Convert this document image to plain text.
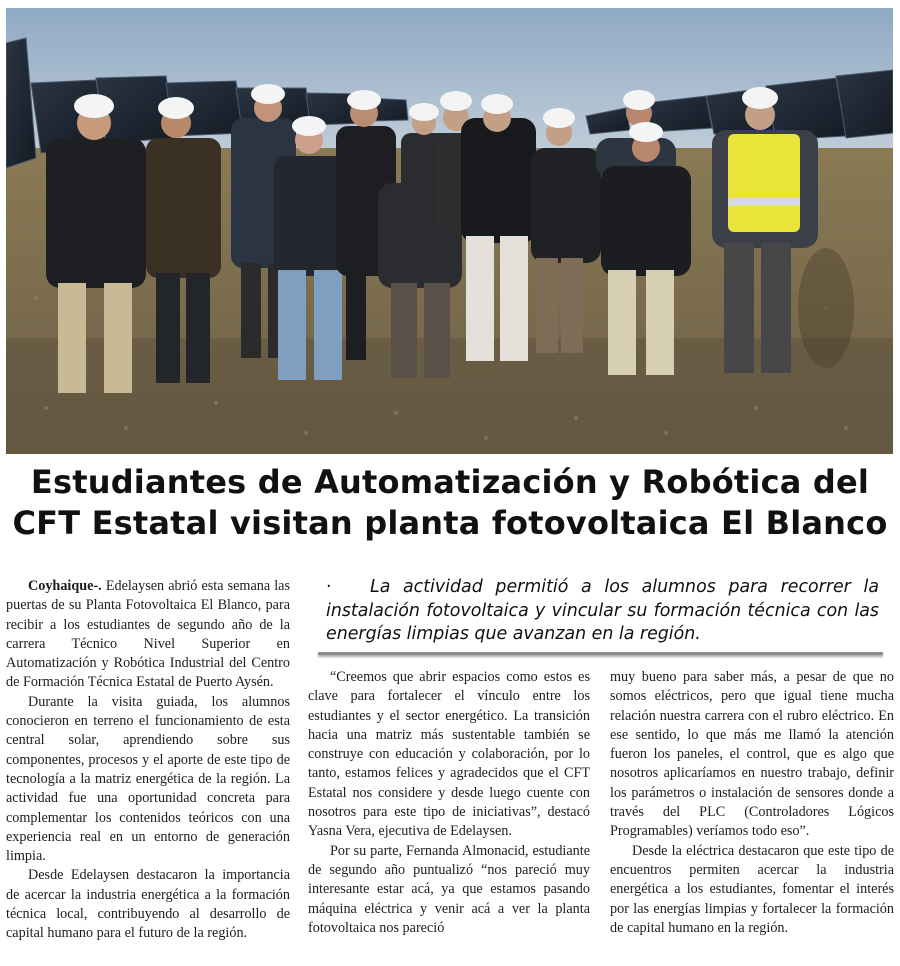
Estudiantes de Automatización y Robótica del
CFT Estatal visitan planta fotovoltaica El Blanco
· La actividad permitió a los alumnos para recorrer la instalación fotovoltaica y vincular su formación técnica con las energías limpias que avanzan en la región.

Coyhaique-. Edelaysen abrió esta semana las puertas de su Planta Fotovoltaica El Blanco, para recibir a los estudiantes de segundo año de la carrera Técnico Nivel Superior en Automatización y Robótica Industrial del Centro de Formación Técnica Estatal de Puerto Aysén.

Durante la visita guiada, los alumnos conocieron en terreno el funcionamiento de esta central solar, aprendiendo sobre sus componentes, procesos y el aporte de este tipo de tecnología a la matriz energética de la región. La actividad fue una oportunidad concreta para complementar los contenidos teóricos con una experiencia real en un entorno de generación limpia.

Desde Edelaysen destacaron la importancia de acercar la industria energética a la formación técnica local, contribuyendo al desarrollo de capital humano para el futuro de la región.

“Creemos que abrir espacios como estos es clave para fortalecer el vínculo entre los estudiantes y el sector energético. La transición hacia una matriz más sustentable también se construye con educación y colaboración, por lo tanto, estamos felices y agradecidos que el CFT Estatal nos considere y desde luego cuente con nosotros para este tipo de iniciativas”, destacó Yasna Vera, ejecutiva de Edelaysen.

Por su parte, Fernanda Almonacid, estudiante de segundo año puntualizó “nos pareció muy interesante estar acá, ya que estamos pasando máquina eléctrica y venir acá a ver la planta fotovoltaica nos pareció

muy bueno para saber más, a pesar de que no somos eléctricos, pero que igual tiene mucha relación nuestra carrera con el rubro eléctrico. En ese sentido, lo que más me llamó la atención fueron los paneles, el control, que es algo que nosotros aplicaríamos en nuestro trabajo, definir los parámetros o instalación de sensores donde a través del PLC (Controladores Lógicos Programables) veríamos todo eso”.

Desde la eléctrica destacaron que este tipo de encuentros permiten acercar la industria energética a los estudiantes, fomentar el interés por las energías limpias y fortalecer la formación de capital humano en la región.
